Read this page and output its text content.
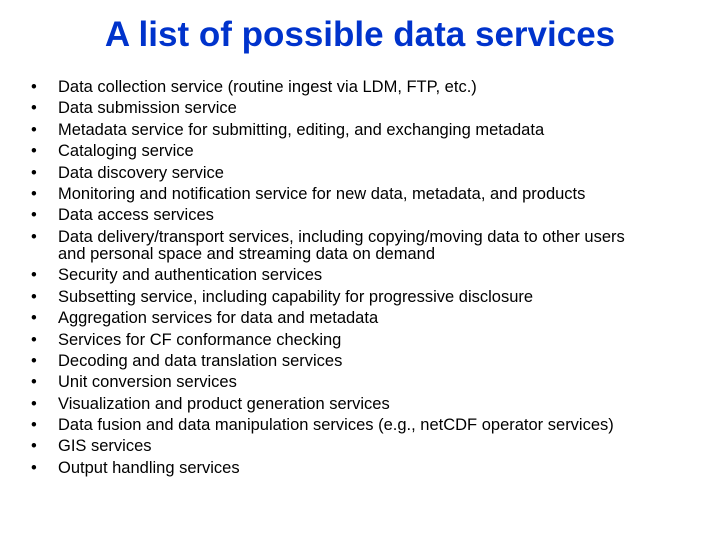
A list of possible data services
•	Data collection service (routine ingest via LDM, FTP, etc.)
•	Data submission service
•	Metadata service for submitting, editing, and exchanging metadata
•	Cataloging service
•	Data discovery service
•	Monitoring and notification service for new data, metadata, and products
•	Data access services
•	Data delivery/transport services, including copying/moving data to other users and personal space and streaming data on demand
•	Security and authentication services
•	Subsetting service, including capability for progressive disclosure
•	Aggregation services for data and metadata
•	Services for CF conformance checking
•	Decoding and data translation services
•	Unit conversion services
•	Visualization and product generation services
•	Data fusion and data manipulation services (e.g., netCDF operator services)
•	GIS services
•	Output handling services
